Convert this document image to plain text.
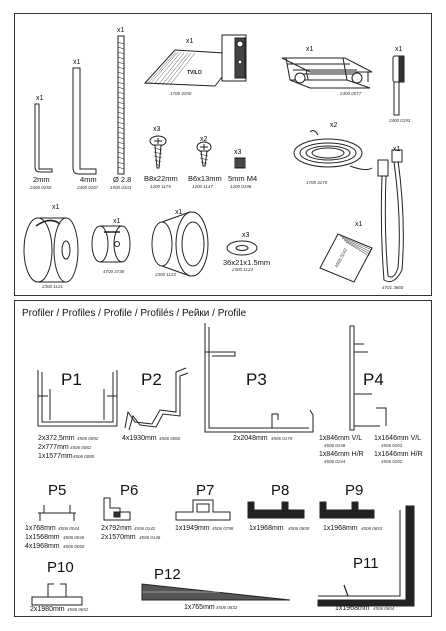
x1
2mm
2400 0250
x1
4mm
2400 0257
x1
Ø 2.8
1500 0103
x1
TVILO
1700 4250
x1
2400 0077
x1
2400 0193
x3
B8x22mm
1200 1175
x2
B6x13mm
1200 1147
x3
5mm M4
1200 0196
x2
1700 3270
x1
4701 3660
x1
2300 1121
x1
4700 3738
x1
2300 1123
x3
36x21x1.5mm
2300 1124
x1
4506 0242
Profiler / Profiles / Profile / Profilés / Рейки / Profile
P1
2x372,5mm 4506 0092
2x777mm 4506 0082
1x1577mm 4506 0085
P2
4x1930mm 4506 0060
P3
2x2048mm 4506 0179
P4
1x846mm V/L
4506 0248
1x846mm H/R
4506 0244
1x1646mm V/L
4506 0203
1x1646mm H/R
4506 0202
P5
1x768mm 4506 0044
1x1568mm 4506 0046
4x1968mm 4506 0050
P6
2x792mm 4506 0142
2x1570mm 4506 0148
P7
1x1949mm 4506 0798
P8
1x1968mm 4506 0650
P9
1x1968mm 4506 0653
P10
2x1980mm 4506 0652
P12
1x765mm 4506 0832
P11
1x1968mm 4506 0654
